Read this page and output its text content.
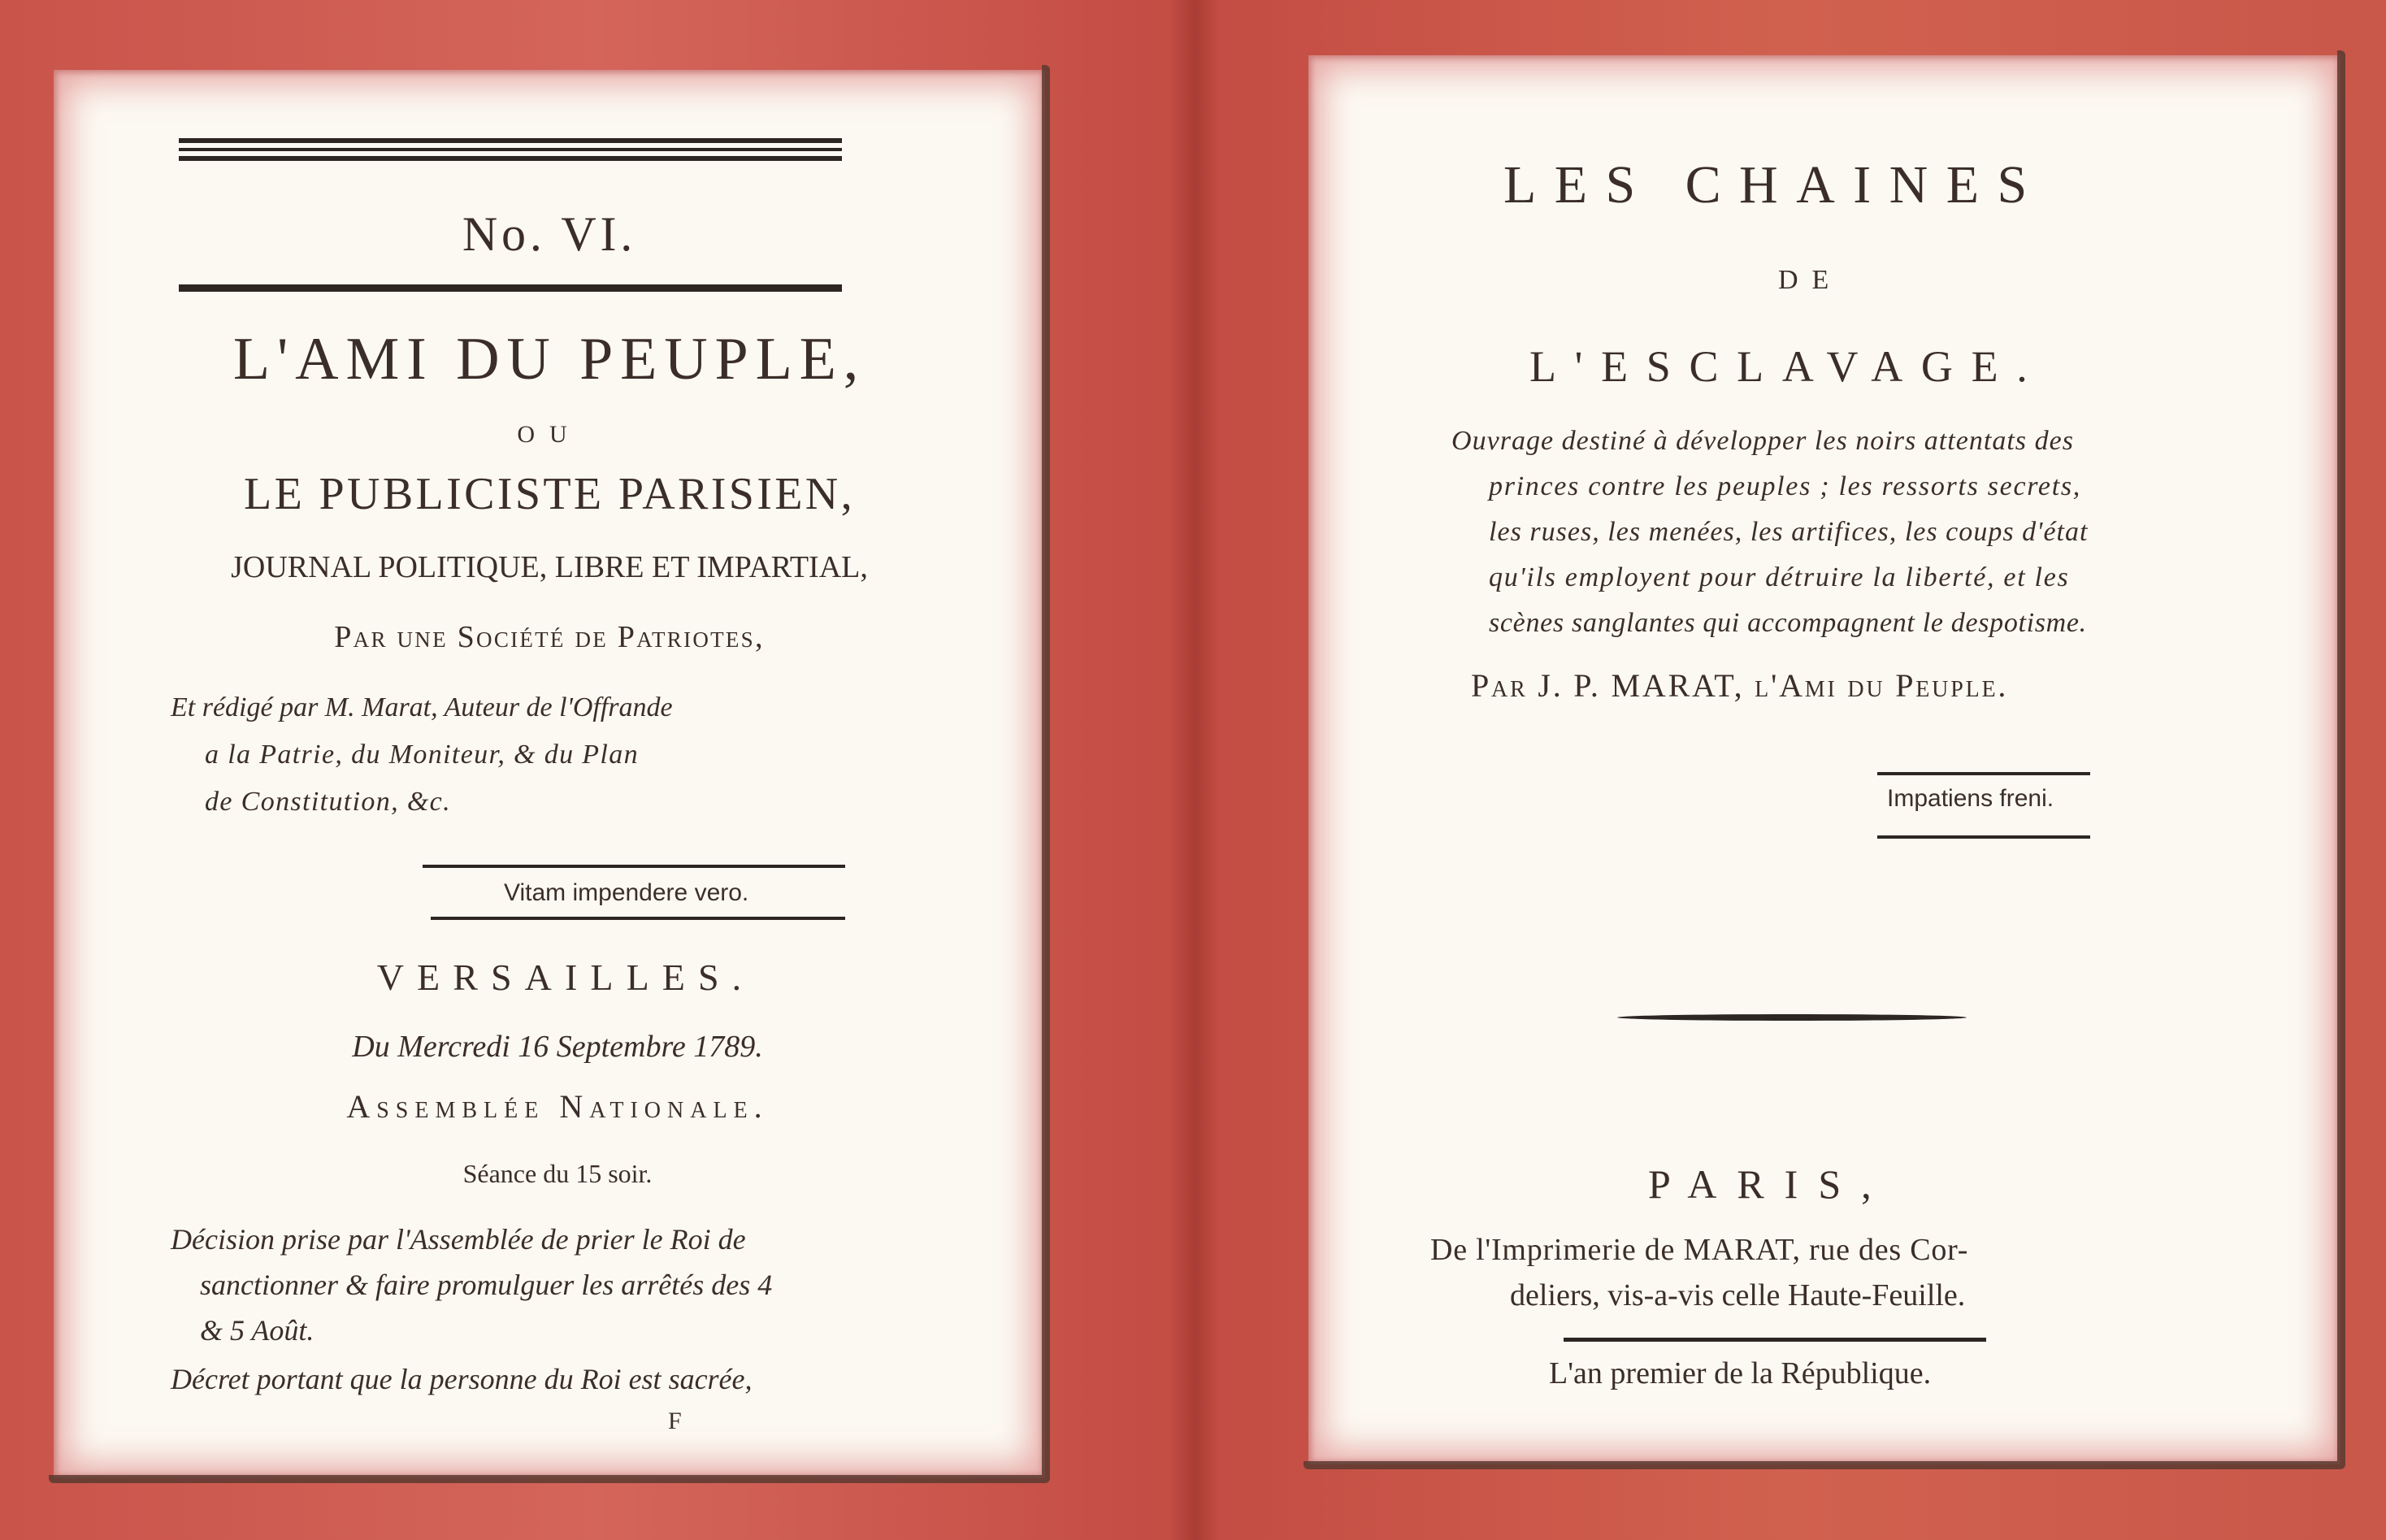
No. VI.
L'AMI DU PEUPLE,
OU
LE PUBLICISTE PARISIEN,
JOURNAL POLITIQUE, LIBRE ET IMPARTIAL,
Par une Société de Patriotes,
Et rédigé par M. Marat, Auteur de l'Offrande
a la Patrie, du Moniteur, & du Plan
de Constitution, &c.
Vitam impendere vero.
VERSAILLES.
Du Mercredi 16 Septembre 1789.
Assemblée Nationale.
Séance du 15 soir.
Décision prise par l'Assemblée de prier le Roi de
sanctionner & faire promulguer les arrêtés des 4
& 5 Août.
Décret portant que la personne du Roi est sacrée,
F
LES CHAINES
DE
L'ESCLAVAGE.
Ouvrage destiné à développer les noirs attentats des
princes contre les peuples ; les ressorts secrets,
les ruses, les menées, les artifices, les coups d'état
qu'ils employent pour détruire la liberté, et les
scènes sanglantes qui accompagnent le despotisme.
Par J. P. MARAT, l'Ami du Peuple.
Impatiens freni.
PARIS,
De l'Imprimerie de MARAT, rue des Cor-
deliers, vis-a-vis celle Haute-Feuille.
L'an premier de la République.
